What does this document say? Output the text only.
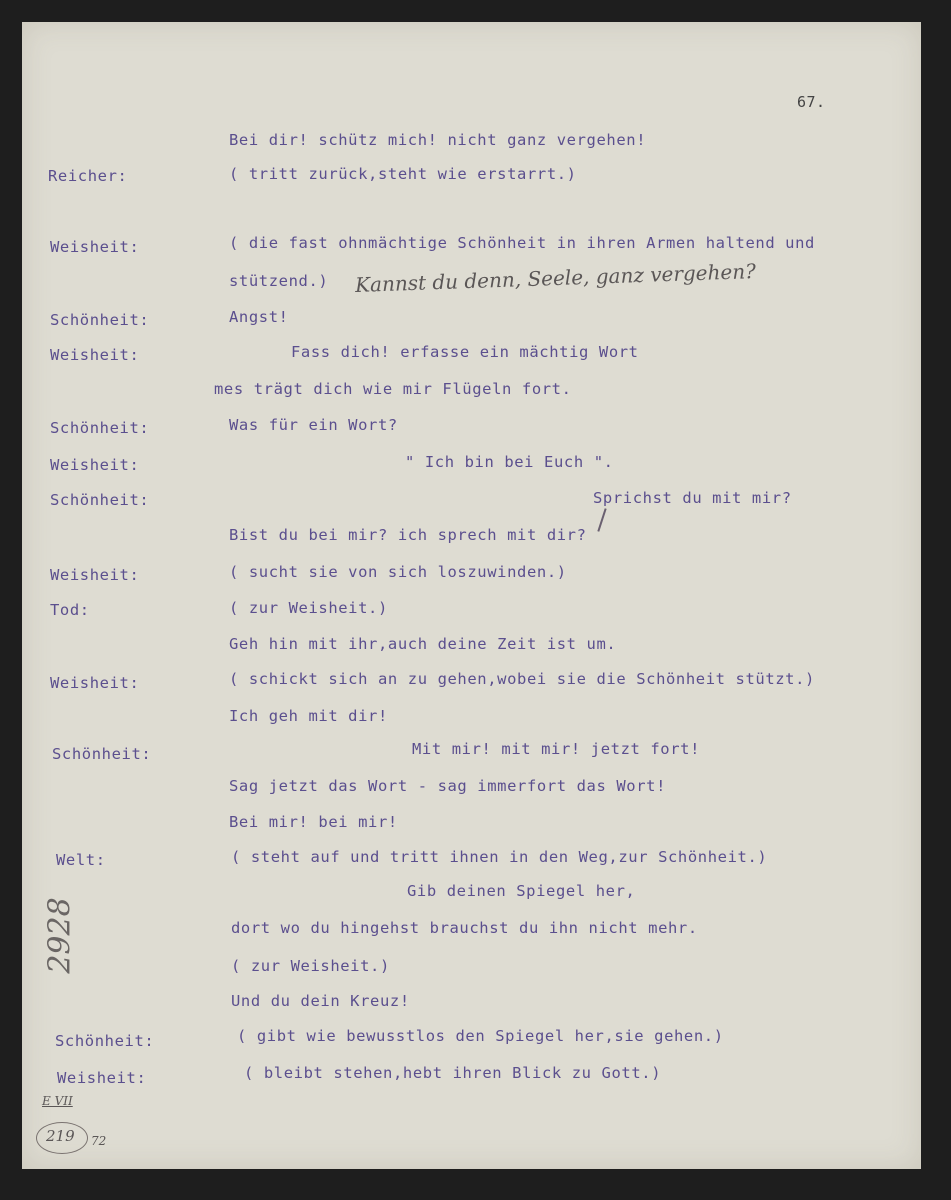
67.
Bei dir! schütz mich! nicht ganz vergehen!
Reicher:	( tritt zurück,steht wie erstarrt.)
Weisheit:	( die fast ohnmächtige Schönheit in ihren Armen haltend und
stützend.) Kannst du denn, Seele, ganz vergehen?
Schönheit:	Angst!
Weisheit:	Fass dich! erfasse ein mächtig Wort
mes trägt dich wie mir Flügeln fort.
Schönheit:	Was für ein Wort?
Weisheit:	" Ich bin bei Euch ".
Schönheit:	Sprichst du mit mir?
Bist du bei mir? ich sprech mit dir?
Weisheit:	( sucht sie von sich loszuwinden.)
Tod:	( zur Weisheit.)
Geh hin mit ihr,auch deine Zeit ist um.
Weisheit:	( schickt sich an zu gehen,wobei sie die Schönheit stützt.)
Ich geh mit dir!
Schönheit:	Mit mir! mit mir! jetzt fort!
Sag jetzt das Wort - sag immerfort das Wort!
Bei mir! bei mir!
Welt:	( steht auf und tritt ihnen in den Weg,zur Schönheit.)
Gib deinen Spiegel her,
dort wo du hingehst brauchst du ihn nicht mehr.
( zur Weisheit.)
Und du dein Kreuz!
Schönheit:	( gibt wie bewusstlos den Spiegel her,sie gehen.)
Weisheit:	( bleibt stehen,hebt ihren Blick zu Gott.)
2928
E VII
219 72
